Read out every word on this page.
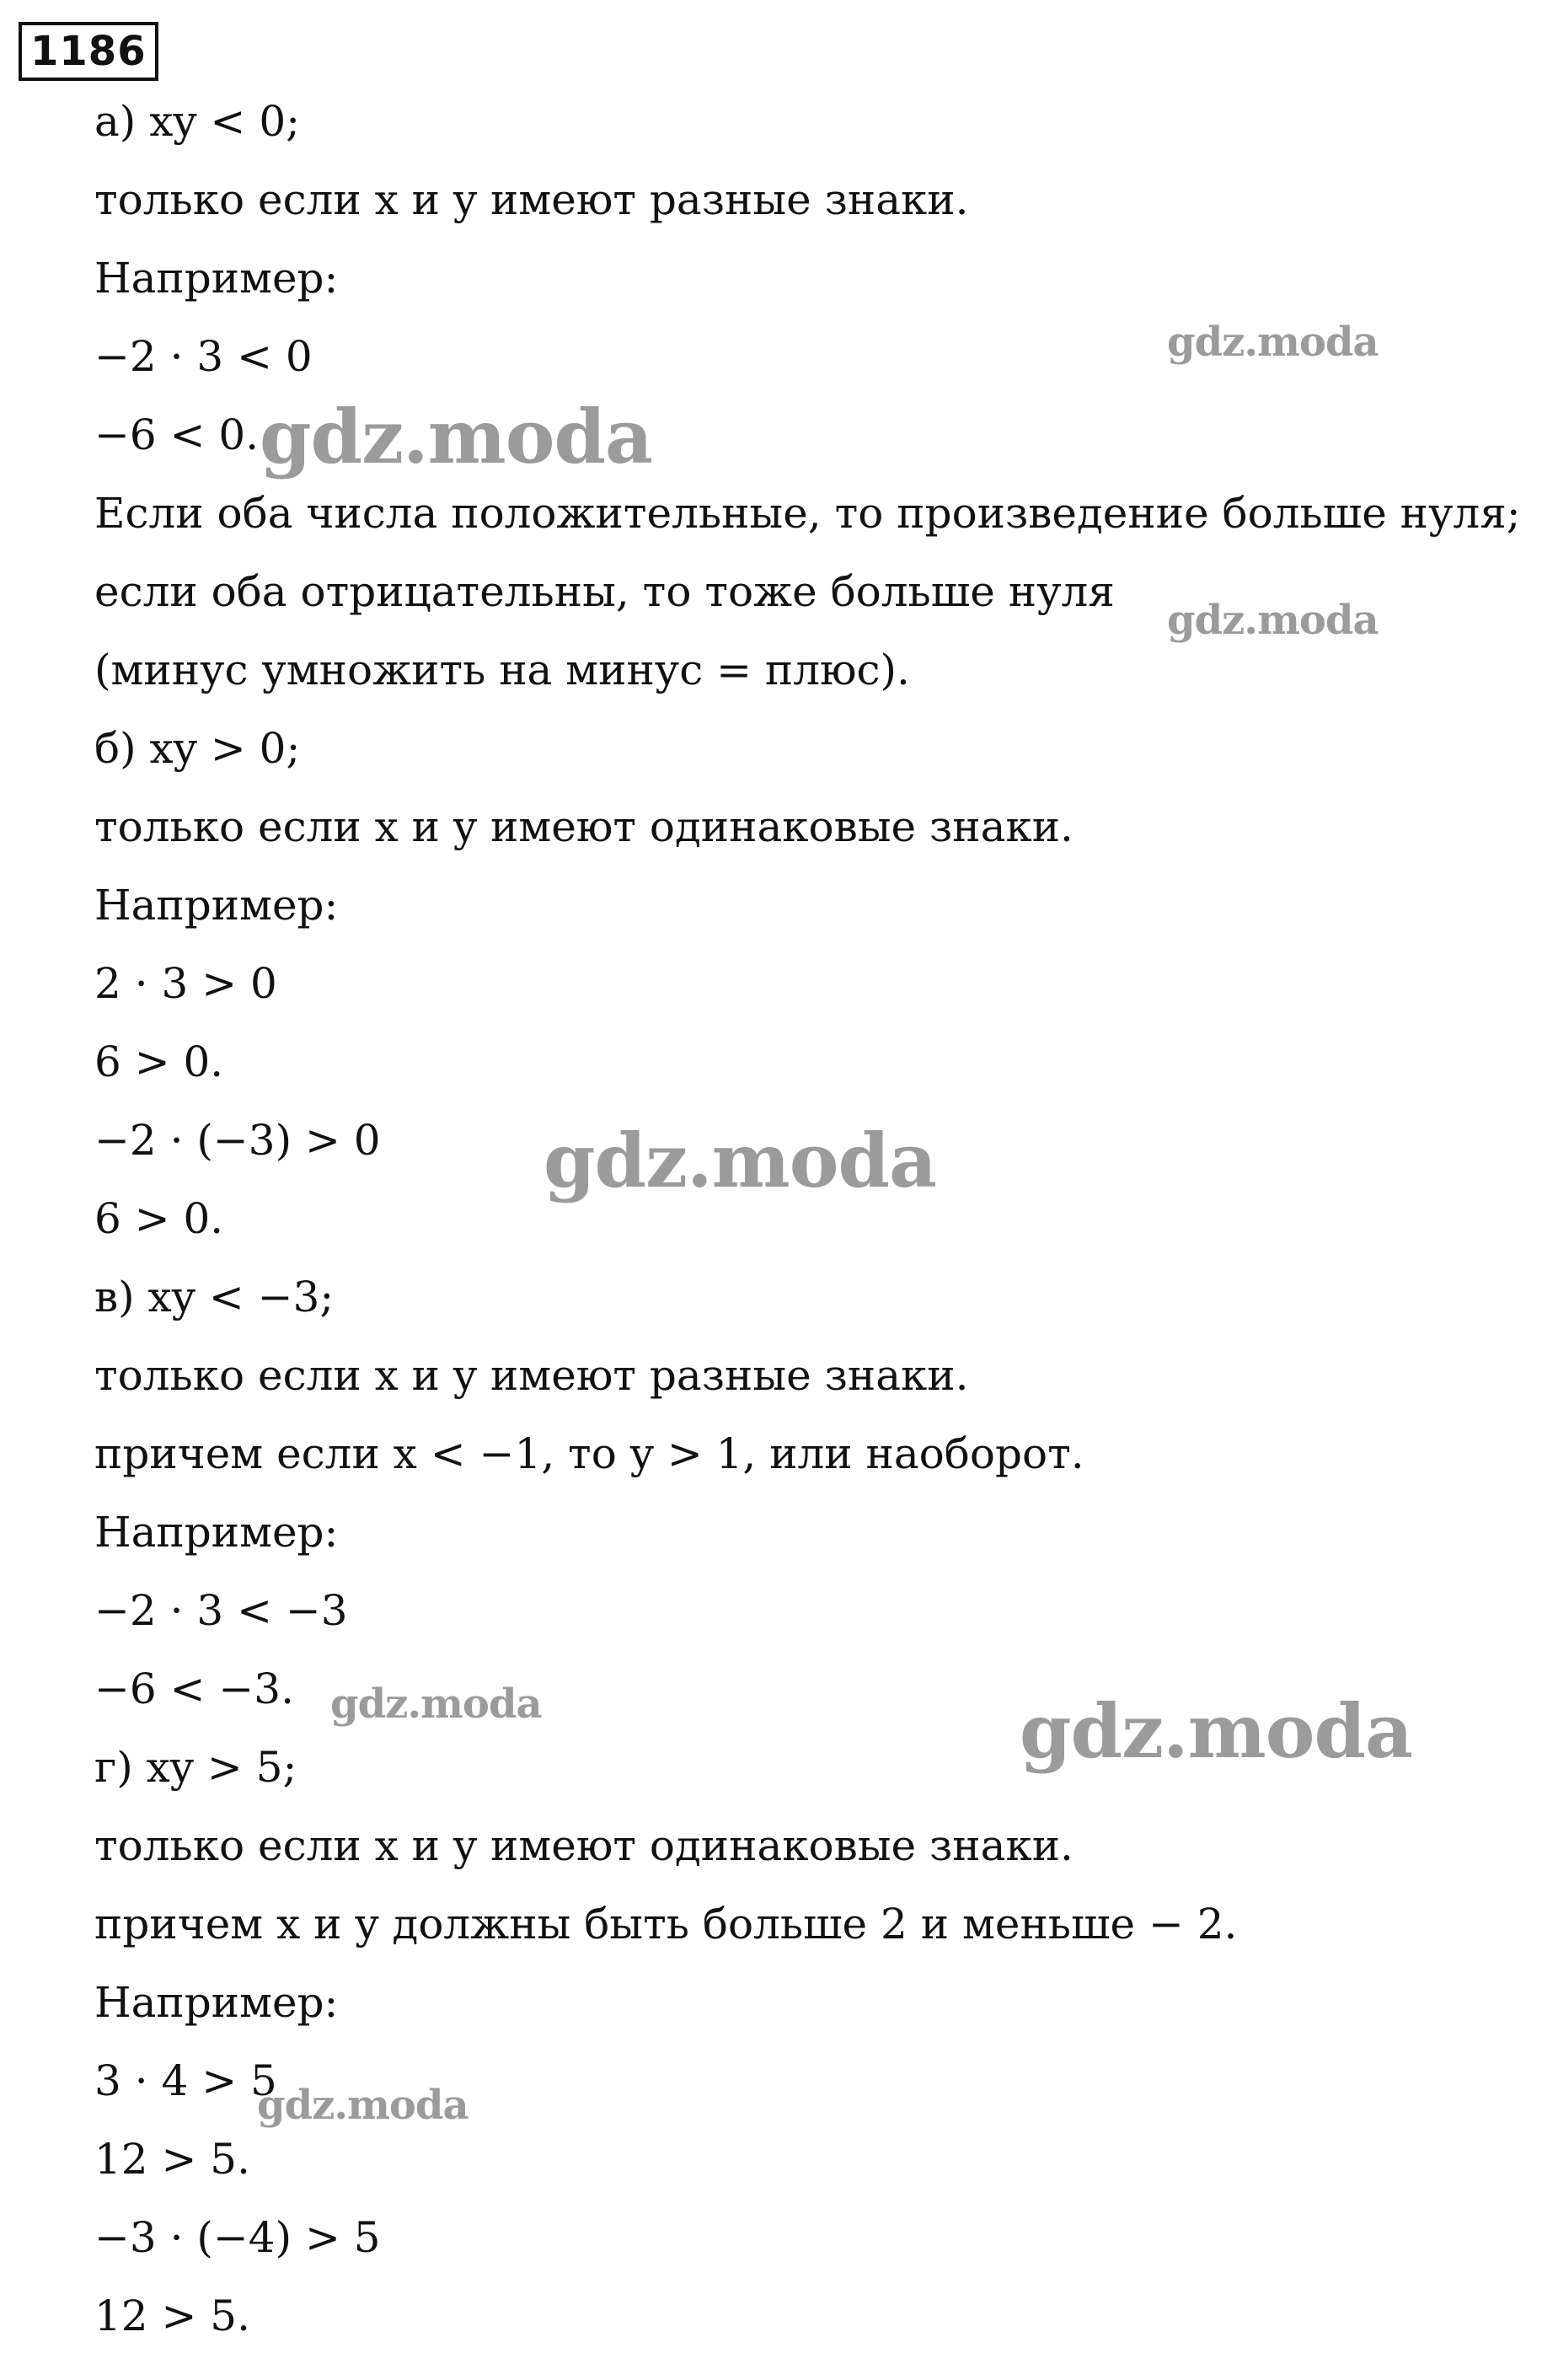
1186
а) xy < 0;
только если x и y имеют разные знаки.
Например:
−2 · 3 < 0
−6 < 0.
Если оба числа положительные, то произведение больше нуля;
если оба отрицательны, то тоже больше нуля
(минус умножить на минус = плюс).
б) xy > 0;
только если x и y имеют одинаковые знаки.
Например:
2 · 3 > 0
6 > 0.
−2 · (−3) > 0
6 > 0.
в) xy < −3;
только если x и y имеют разные знаки.
причем если x < −1, то y > 1, или наоборот.
Например:
−2 · 3 < −3
−6 < −3.
г) xy > 5;
только если x и y имеют одинаковые знаки.
причем x и y должны быть больше 2 и меньше − 2.
Например:
3 · 4 > 5
12 > 5.
−3 · (−4) > 5
12 > 5.
gdz.moda
gdz.moda
gdz.moda
gdz.moda
gdz.moda	gdz.moda
gdz.moda
